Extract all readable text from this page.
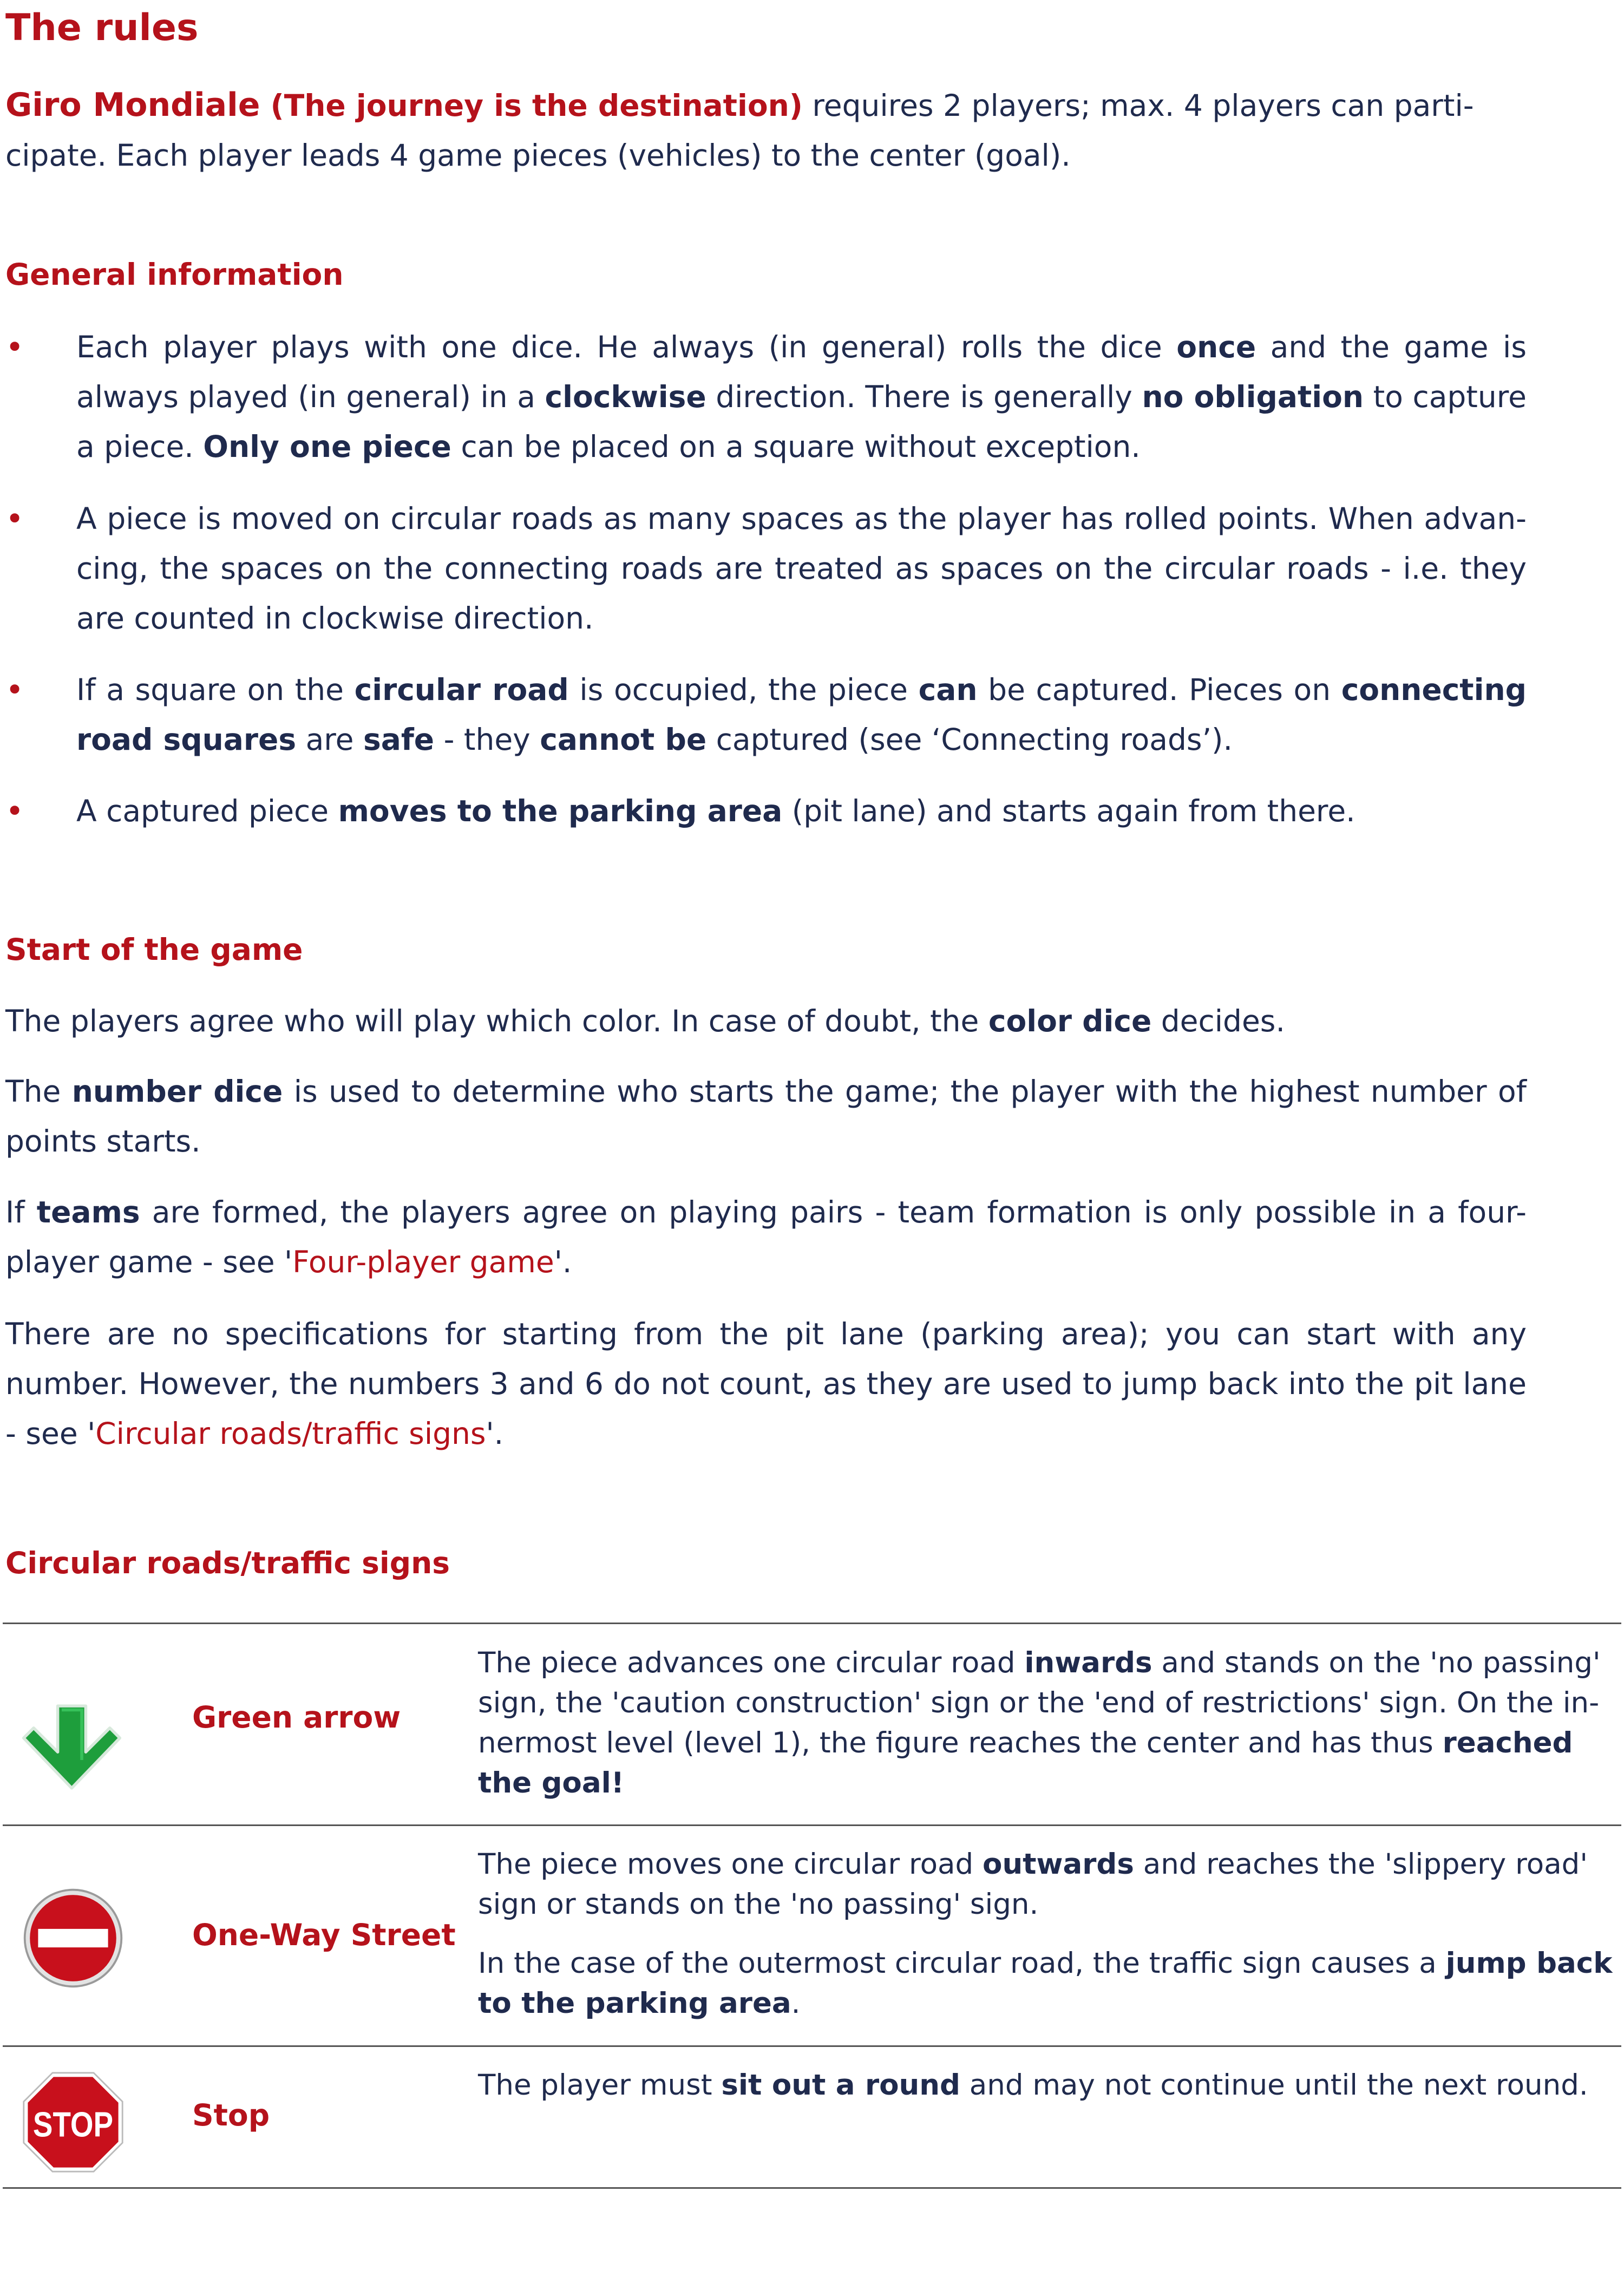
The rules

Giro Mondiale (The journey is the destination) requires 2 players; max. 4 players can parti-
cipate. Each player leads 4 game pieces (vehicles) to the center (goal).

General information
• Each player plays with one dice. He always (in general) rolls the dice once and the game is always played (in general) in a clockwise direction. There is generally no obligation to capture a piece. Only one piece can be placed on a square without exception.
• A piece is moved on circular roads as many spaces as the player has rolled points. When advan-cing, the spaces on the connecting roads are treated as spaces on the circular roads - i.e. they are counted in clockwise direction.
• If a square on the circular road is occupied, the piece can be captured. Pieces on connecting road squares are safe - they cannot be captured (see ‘Connecting roads’).
• A captured piece moves to the parking area (pit lane) and starts again from there.
Start of the game

The players agree who will play which color. In case of doubt, the color dice decides.

The number dice is used to determine who starts the game; the player with the highest number of points starts.

If teams are formed, the players agree on playing pairs - team formation is only possible in a four-player game - see 'Four-player game'.

There are no specifications for starting from the pit lane (parking area); you can start with any number. However, the numbers 3 and 6 do not count, as they are used to jump back into the pit lane - see 'Circular roads/traffic signs'.

Circular roads/traffic signs
Green arrow

The piece advances one circular road inwards and stands on the 'no passing' sign, the 'caution construction' sign or the 'end of restrictions' sign. On the in-nermost level (level 1), the figure reaches the center and has thus reached the goal!

One-Way Street

The piece moves one circular road outwards and reaches the 'slippery road' sign or stands on the 'no passing' sign.

In the case of the outermost circular road, the traffic sign causes a jump back to the parking area.

STOP	Stop

The player must sit out a round and may not continue until the next round.
